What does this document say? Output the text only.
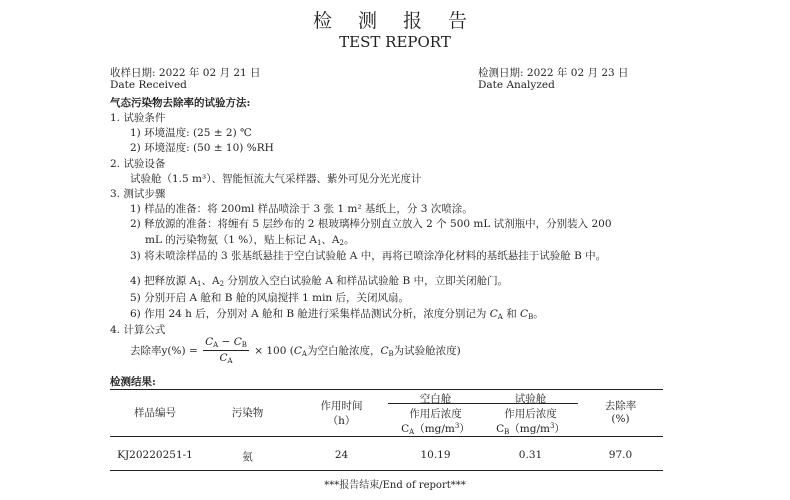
检 测 报 告
TEST REPORT
收样日期: 2022 年 02 月 21 日
Date Received
检测日期: 2022 年 02 月 23 日
Date Analyzed
气态污染物去除率的试验方法:
1. 试验条件
1) 环境温度: (25 ± 2) ℃
2) 环境湿度: (50 ± 10) %RH
2. 试验设备
试验舱（1.5 m³）、智能恒流大气采样器、紫外可见分光光度计
3. 测试步骤
1) 样品的准备：将 200ml 样品喷涂于 3 张 1 m² 基纸上，分 3 次喷涂。
2) 释放源的准备：将缠有 5 层纱布的 2 根玻璃棒分别直立放入 2 个 500 mL 试剂瓶中，分别装入 200
mL 的污染物氨（1 %），贴上标记 $A_1$、$A_2$。
3) 将未喷涂样品的 3 张基纸悬挂于空白试验舱 A 中，再将已喷涂净化材料的基纸悬挂于试验舱 B 中。
4) 把释放源 $A_1$、$A_2$ 分别放入空白试验舱 A 和样品试验舱 B 中，立即关闭舱门。
5) 分别开启 A 舱和 B 舱的风扇搅拌 1 min 后，关闭风扇。
6) 作用 24 h 后，分别对 A 舱和 B 舱进行采集样品测试分析，浓度分别记为 $C_A$ 和 $C_B$。
4. 计算公式
去除率$y(\%) = \frac{C_A - C_B}{C_A} \times 100$ ($C_A$为空白舱浓度，$C_B$为试验舱浓度)
检测结果:
样品编号	污染物
作用时间
（h）
空白舱	试验舱
作用后浓度	作用后浓度
$C_A(mg/m^3)$	$C_B(mg/m^3)$
去除率
(%)
KJ20220251-1	氨	24	10.19	0.31	97.0
***报告结束/End of report***
